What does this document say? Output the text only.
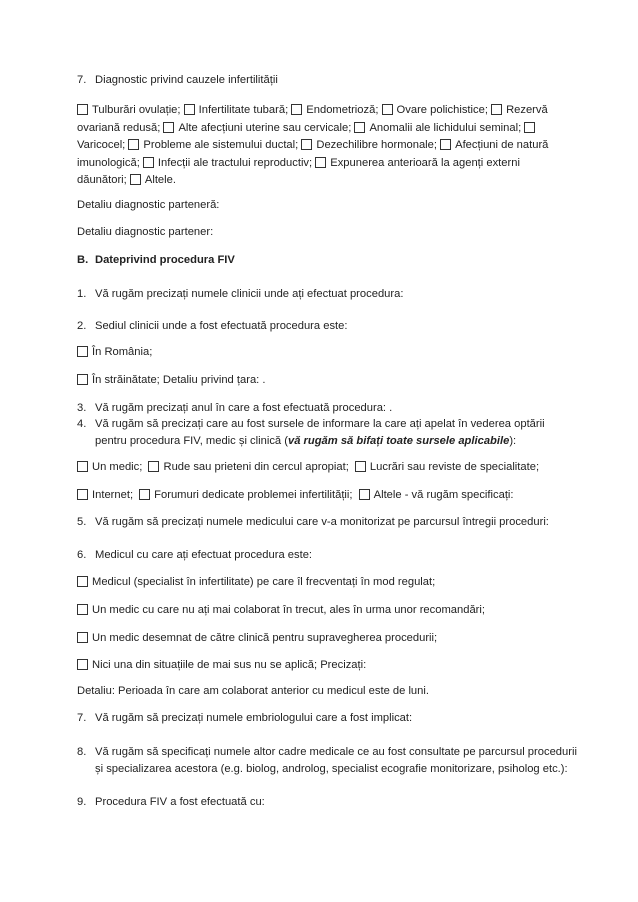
7. Diagnostic privind cauzele infertilității
Tulburări ovulație; Infertilitate tubară; Endometrioză; Ovare polichistice; Rezervă ovariană redusă; Alte afecțiuni uterine sau cervicale; Anomalii ale lichidului seminal; Varicocel; Probleme ale sistemului ductal; Dezechilibre hormonale; Afecțiuni de natură imunologică; Infecții ale tractului reproductiv; Expunerea anterioară la agenți externi dăunători; Altele.
Detaliu diagnostic parteneră:
Detaliu diagnostic partener:
B. Dateprivind procedura FIV
1. Vă rugăm precizați numele clinicii unde ați efectuat procedura:
2. Sediul clinicii unde a fost efectuată procedura este:
În România;
În străinătate; Detaliu privind țara: .
3. Vă rugăm precizați anul în care a fost efectuată procedura: .
4. Vă rugăm să precizați care au fost sursele de informare la care ați apelat în vederea optării
pentru procedura FIV, medic și clinică (vă rugăm să bifați toate sursele aplicabile):
Un medic; Rude sau prieteni din cercul apropiat; Lucrări sau reviste de specialitate;
Internet; Forumuri dedicate problemei infertilității; Altele - vă rugăm specificați:
5. Vă rugăm să precizați numele medicului care v-a monitorizat pe parcursul întregii proceduri:
6. Medicul cu care ați efectuat procedura este:
Medicul (specialist în infertilitate) pe care îl frecventați în mod regulat;
Un medic cu care nu ați mai colaborat în trecut, ales în urma unor recomandări;
Un medic desemnat de către clinică pentru supravegherea procedurii;
Nici una din situațiile de mai sus nu se aplică; Precizați:
Detaliu: Perioada în care am colaborat anterior cu medicul este de luni.
7. Vă rugăm să precizați numele embriologului care a fost implicat:
8. Vă rugăm să specificați numele altor cadre medicale ce au fost consultate pe parcursul procedurii
și specializarea acestora (e.g. biolog, androlog, specialist ecografie monitorizare, psiholog etc.):
9. Procedura FIV a fost efectuată cu:
